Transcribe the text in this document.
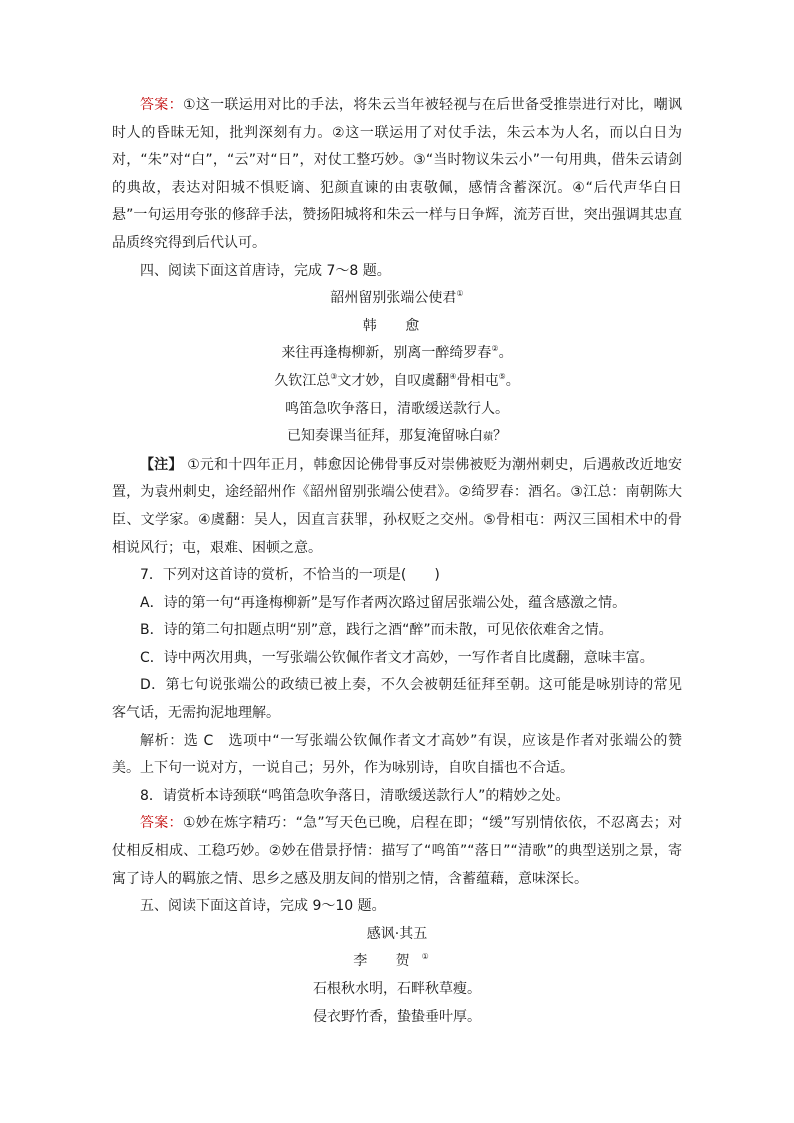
答案：①这一联运用对比的手法，将朱云当年被轻视与在后世备受推崇进行对比，嘲讽时人的昏昧无知，批判深刻有力。②这一联运用了对仗手法，朱云本为人名，而以白日为对，“朱”对“白”，“云”对“日”，对仗工整巧妙。③“当时物议朱云小”一句用典，借朱云请剑的典故，表达对阳城不惧贬谪、犯颜直谏的由衷敬佩，感情含蓄深沉。④“后代声华白日悬”一句运用夸张的修辞手法，赞扬阳城将和朱云一样与日争辉，流芳百世，突出强调其忠直品质终究得到后代认可。

四、阅读下面这首唐诗，完成 7～8 题。

韶州留别张端公使君①

韩 愈

来往再逢梅柳新，别离一醉绮罗春②。

久钦江总③文才妙，自叹虞翻④骨相屯⑤。

鸣笛急吹争落日，清歌缓送款行人。

已知奏课当征拜，那复淹留咏白蘋？

【注】 ①元和十四年正月，韩愈因论佛骨事反对崇佛被贬为潮州刺史，后遇赦改近地安置，为袁州刺史，途经韶州作《韶州留别张端公使君》。②绮罗春：酒名。③江总：南朝陈大臣、文学家。④虞翻：吴人，因直言获罪，孙权贬之交州。⑤骨相屯：两汉三国相术中的骨相说风行；屯，艰难、困顿之意。

7．下列对这首诗的赏析，不恰当的一项是(　　)

A．诗的第一句“再逢梅柳新”是写作者两次路过留居张端公处，蕴含感激之情。

B．诗的第二句扣题点明“别”意，践行之酒“醉”而未散，可见依依难舍之情。

C．诗中两次用典，一写张端公钦佩作者文才高妙，一写作者自比虞翻，意味丰富。

D．第七句说张端公的政绩已被上奏，不久会被朝廷征拜至朝。这可能是咏别诗的常见客气话，无需拘泥地理解。

解析：选 C　选项中“一写张端公钦佩作者文才高妙”有误，应该是作者对张端公的赞美。上下句一说对方，一说自己；另外，作为咏别诗，自吹自擂也不合适。

8．请赏析本诗颈联“鸣笛急吹争落日，清歌缓送款行人”的精妙之处。

答案：①妙在炼字精巧：“急”写天色已晚，启程在即；“缓”写别情依依，不忍离去；对仗相反相成、工稳巧妙。②妙在借景抒情：描写了“鸣笛”“落日”“清歌”的典型送别之景，寄寓了诗人的羁旅之情、思乡之感及朋友间的惜别之情，含蓄蕴藉，意味深长。

五、阅读下面这首诗，完成 9～10 题。

感讽·其五

李 贺①

石根秋水明，石畔秋草瘦。

侵衣野竹香，蛰蛰垂叶厚。
